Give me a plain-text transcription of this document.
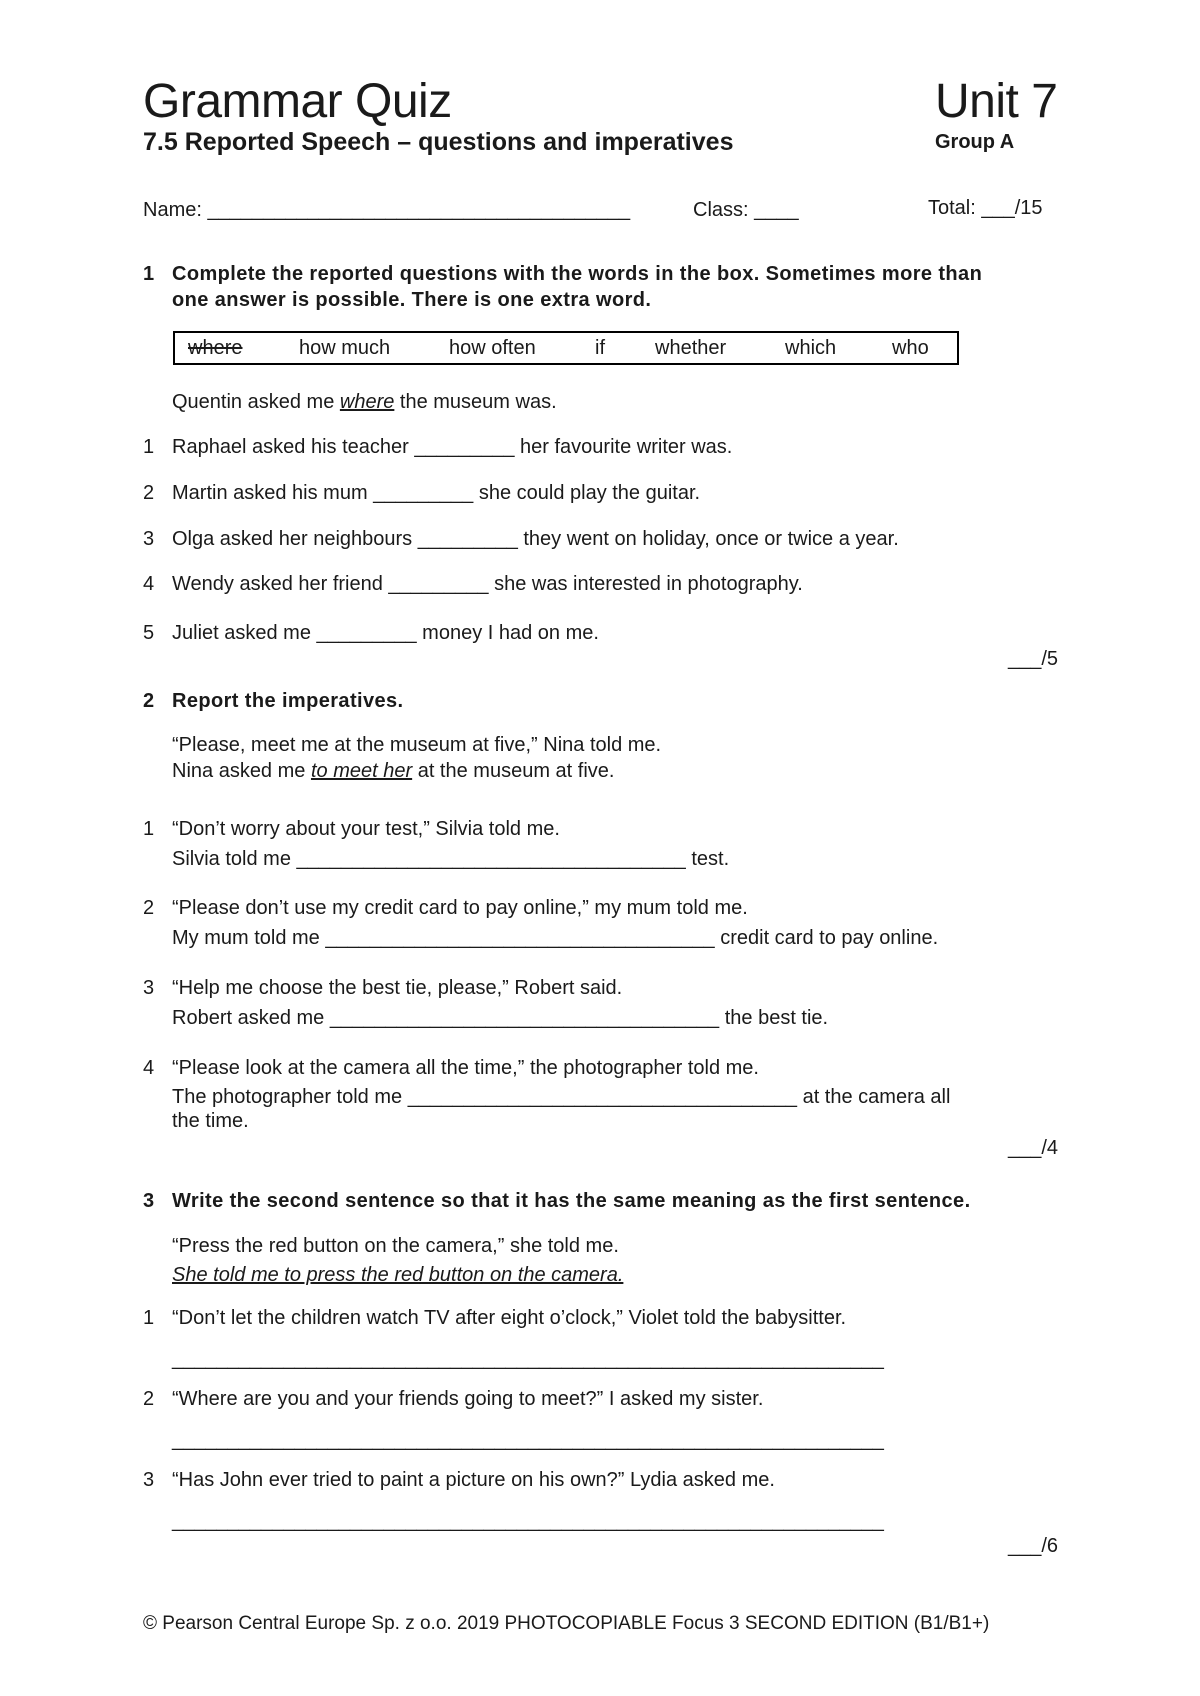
Grammar Quiz	Unit 7
7.5 Reported Speech – questions and imperatives	Group A
Name: ______________________________________	Class: ____	Total: ___/15
1 Complete the reported questions with the words in the box. Sometimes more than
one answer is possible. There is one extra word.
where	how much	how often	if	whether	which	who
Quentin asked me where the museum was.
1 Raphael asked his teacher _________ her favourite writer was.
2 Martin asked his mum _________ she could play the guitar.
3 Olga asked her neighbours _________ they went on holiday, once or twice a year.
4 Wendy asked her friend _________ she was interested in photography.
5 Juliet asked me _________ money I had on me.
___/5
2 Report the imperatives.
“Please, meet me at the museum at five,” Nina told me.
Nina asked me to meet her at the museum at five.
1 “Don’t worry about your test,” Silvia told me.
Silvia told me ___________________________________ test.
2 “Please don’t use my credit card to pay online,” my mum told me.
My mum told me ___________________________________ credit card to pay online.
3 “Help me choose the best tie, please,” Robert said.
Robert asked me ___________________________________ the best tie.
4 “Please look at the camera all the time,” the photographer told me.
The photographer told me ___________________________________ at the camera all
the time.
___/4
3 Write the second sentence so that it has the same meaning as the first sentence.
“Press the red button on the camera,” she told me.
She told me to press the red button on the camera.
1 “Don’t let the children watch TV after eight o’clock,” Violet told the babysitter.
________________________________________________________________
2 “Where are you and your friends going to meet?” I asked my sister.
________________________________________________________________
3 “Has John ever tried to paint a picture on his own?” Lydia asked me.
________________________________________________________________
___/6
© Pearson Central Europe Sp. z o.o. 2019 PHOTOCOPIABLE Focus 3 SECOND EDITION (B1/B1+)
